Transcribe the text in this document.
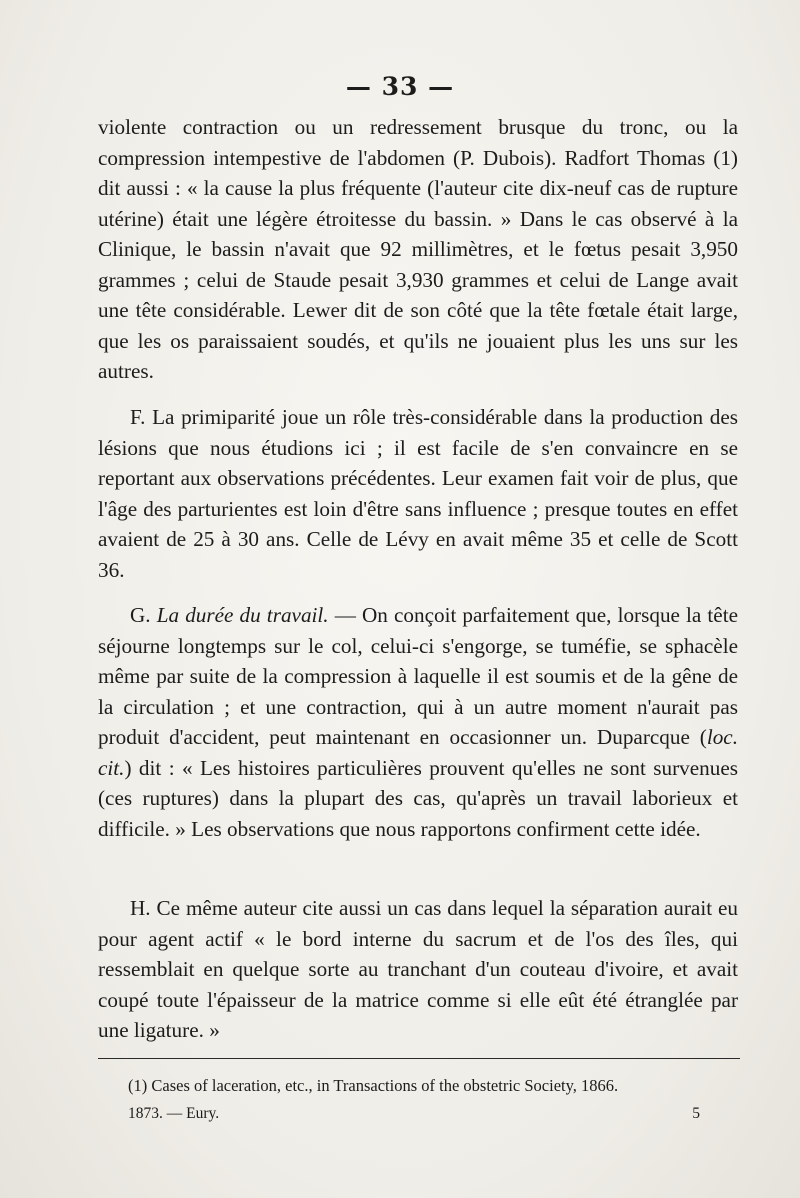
— 33 —

violente contraction ou un redressement brusque du tronc, ou la compression intempestive de l'abdomen (P. Dubois). Radfort Thomas (1) dit aussi : « la cause la plus fréquente (l'auteur cite dix-neuf cas de rupture utérine) était une légère étroitesse du bassin. » Dans le cas observé à la Clinique, le bassin n'avait que 92 millimètres, et le fœtus pesait 3,950 grammes ; celui de Staude pesait 3,930 grammes et celui de Lange avait une tête considérable. Lewer dit de son côté que la tête fœtale était large, que les os paraissaient soudés, et qu'ils ne jouaient plus les uns sur les autres.

F. La primiparité joue un rôle très-considérable dans la production des lésions que nous étudions ici ; il est facile de s'en convaincre en se reportant aux observations précédentes. Leur examen fait voir de plus, que l'âge des parturientes est loin d'être sans influence ; presque toutes en effet avaient de 25 à 30 ans. Celle de Lévy en avait même 35 et celle de Scott 36.

G. La durée du travail. — On conçoit parfaitement que, lorsque la tête séjourne longtemps sur le col, celui-ci s'engorge, se tuméfie, se sphacèle même par suite de la compression à laquelle il est soumis et de la gêne de la circulation ; et une contraction, qui à un autre moment n'aurait pas produit d'accident, peut maintenant en occasionner un. Duparcque (loc. cit.) dit : « Les histoires particulières prouvent qu'elles ne sont survenues (ces ruptures) dans la plupart des cas, qu'après un travail laborieux et difficile. » Les observations que nous rapportons confirment cette idée.

H. Ce même auteur cite aussi un cas dans lequel la séparation aurait eu pour agent actif « le bord interne du sacrum et de l'os des îles, qui ressemblait en quelque sorte au tranchant d'un couteau d'ivoire, et avait coupé toute l'épaisseur de la matrice comme si elle eût été étranglée par une ligature. »

(1) Cases of laceration, etc., in Transactions of the obstetric Society, 1866.
1873. — Eury.	5
